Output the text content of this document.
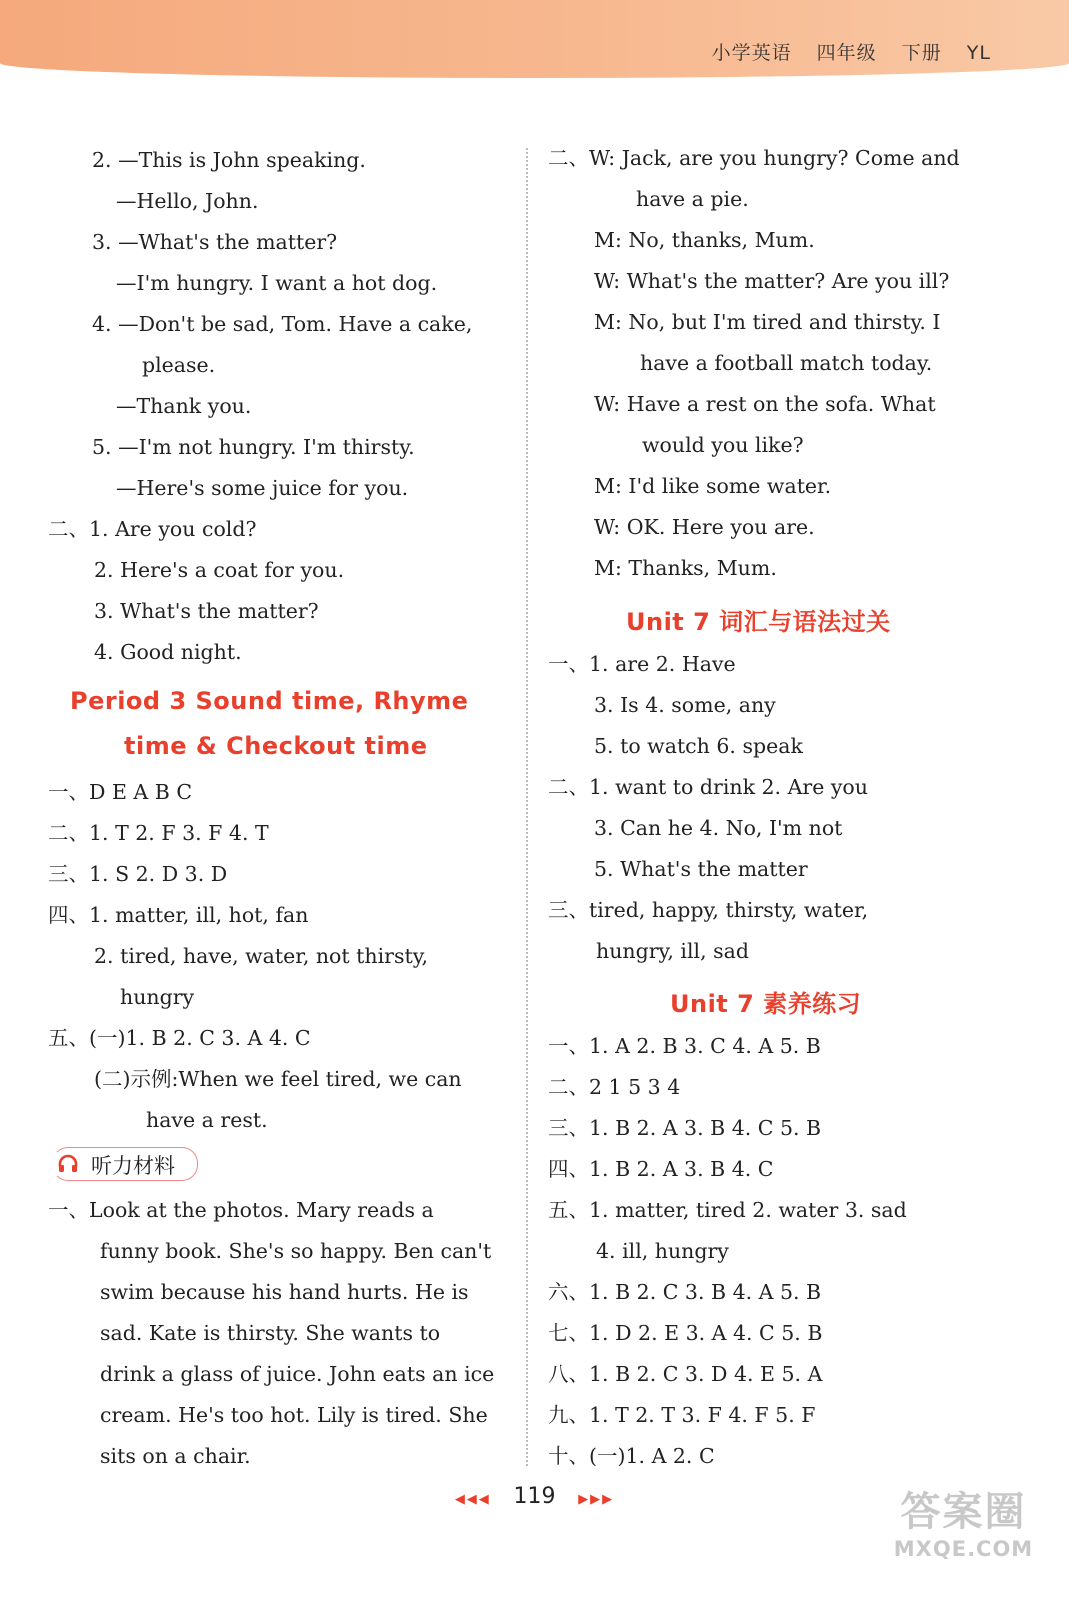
小学英语 四年级 下册 YL
2. —This is John speaking.
—Hello, John.
3. —What's the matter?
—I'm hungry. I want a hot dog.
4. —Don't be sad, Tom. Have a cake,
please.
—Thank you.
5. —I'm not hungry. I'm thirsty.
—Here's some juice for you.
二、1. Are you cold?
2. Here's a coat for you.
3. What's the matter?
4. Good night.
Period 3 Sound time, Rhyme
time & Checkout time
一、D E A B C
二、1. T 2. F 3. F 4. T
三、1. S 2. D 3. D
四、1. matter, ill, hot, fan
2. tired, have, water, not thirsty,
hungry
五、(一)1. B 2. C 3. A 4. C
(二)示例:When we feel tired, we can
have a rest.
一、Look at the photos. Mary reads a
funny book. She's so happy. Ben can't
swim because his hand hurts. He is
sad. Kate is thirsty. She wants to
drink a glass of juice. John eats an ice
cream. He's too hot. Lily is tired. She
sits on a chair.
听力材料
二、W: Jack, are you hungry? Come and
have a pie.
M: No, thanks, Mum.
W: What's the matter? Are you ill?
M: No, but I'm tired and thirsty. I
have a football match today.
W: Have a rest on the sofa. What
would you like?
M: I'd like some water.
W: OK. Here you are.
M: Thanks, Mum.
Unit 7 词汇与语法过关
一、1. are 2. Have
3. Is 4. some, any
5. to watch 6. speak
二、1. want to drink 2. Are you
3. Can he 4. No, I'm not
5. What's the matter
三、tired, happy, thirsty, water,
hungry, ill, sad
Unit 7 素养练习
一、1. A 2. B 3. C 4. A 5. B
二、2 1 5 3 4
三、1. B 2. A 3. B 4. C 5. B
四、1. B 2. A 3. B 4. C
五、1. matter, tired 2. water 3. sad
4. ill, hungry
六、1. B 2. C 3. B 4. A 5. B
七、1. D 2. E 3. A 4. C 5. B
八、1. B 2. C 3. D 4. E 5. A
九、1. T 2. T 3. F 4. F 5. F
十、(一)1. A 2. C
◀◀◀ 119 ▶▶▶	答案圈
MXQE.COM
